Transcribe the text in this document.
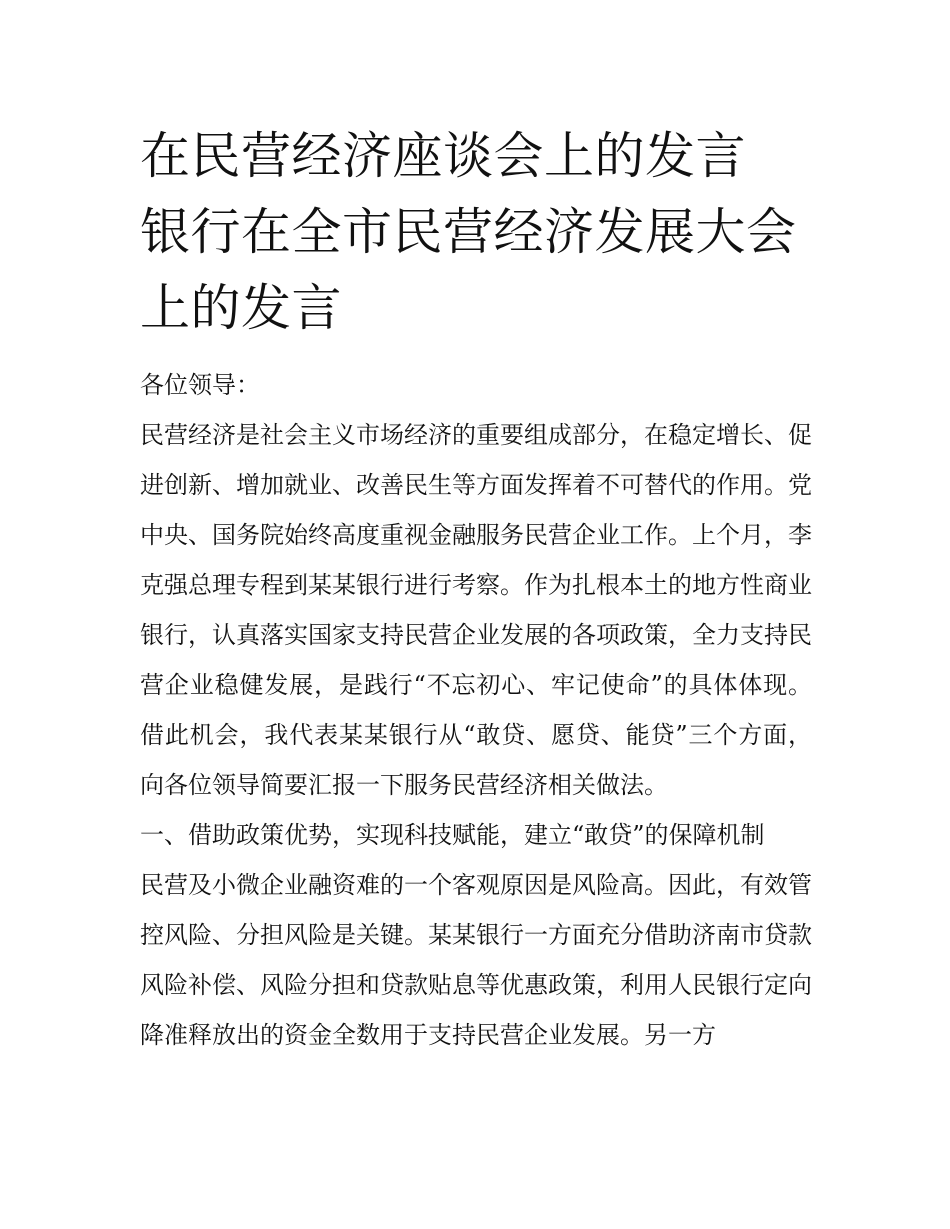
在民营经济座谈会上的发言 银行在全市民营经济发展大会上的发言

各位领导：

民营经济是社会主义市场经济的重要组成部分，在稳定增长、促进创新、增加就业、改善民生等方面发挥着不可替代的作用。党中央、国务院始终高度重视金融服务民营企业工作。上个月，李克强总理专程到某某银行进行考察。作为扎根本土的地方性商业银行，认真落实国家支持民营企业发展的各项政策，全力支持民营企业稳健发展，是践行“不忘初心、牢记使命”的具体体现。借此机会，我代表某某银行从“敢贷、愿贷、能贷”三个方面，向各位领导简要汇报一下服务民营经济相关做法。

一、借助政策优势，实现科技赋能，建立“敢贷”的保障机制

民营及小微企业融资难的一个客观原因是风险高。因此，有效管控风险、分担风险是关键。某某银行一方面充分借助济南市贷款风险补偿、风险分担和贷款贴息等优惠政策，利用人民银行定向降准释放出的资金全数用于支持民营企业发展。另一方
